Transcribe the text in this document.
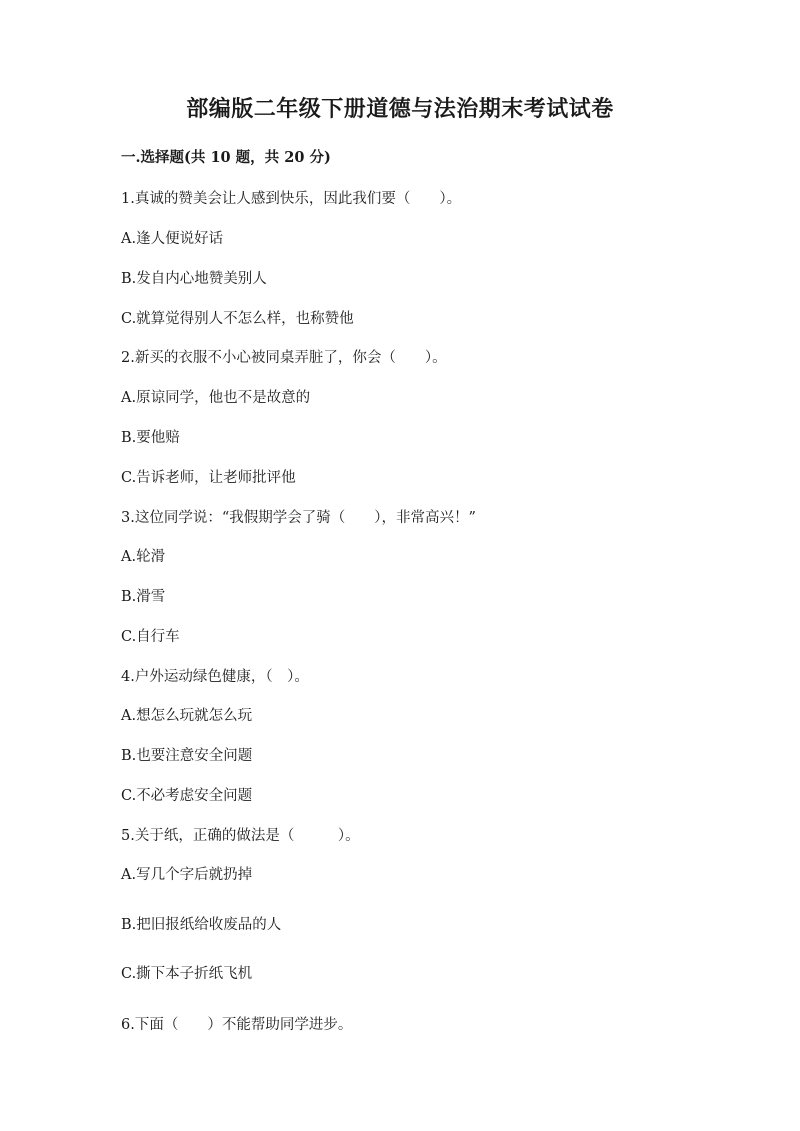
部编版二年级下册道德与法治期末考试试卷
一.选择题(共 10 题，共 20 分)
1.真诚的赞美会让人感到快乐，因此我们要（　　）。
A.逢人便说好话
B.发自内心地赞美别人
C.就算觉得别人不怎么样，也称赞他
2.新买的衣服不小心被同桌弄脏了，你会（　　）。
A.原谅同学，他也不是故意的
B.要他赔
C.告诉老师，让老师批评他
3.这位同学说：“我假期学会了骑（　　），非常高兴！”
A.轮滑
B.滑雪
C.自行车
4.户外运动绿色健康，（　）。
A.想怎么玩就怎么玩
B.也要注意安全问题
C.不必考虑安全问题
5.关于纸，正确的做法是（　　　）。
A.写几个字后就扔掉
B.把旧报纸给收废品的人
C.撕下本子折纸飞机
6.下面（　　）不能帮助同学进步。
